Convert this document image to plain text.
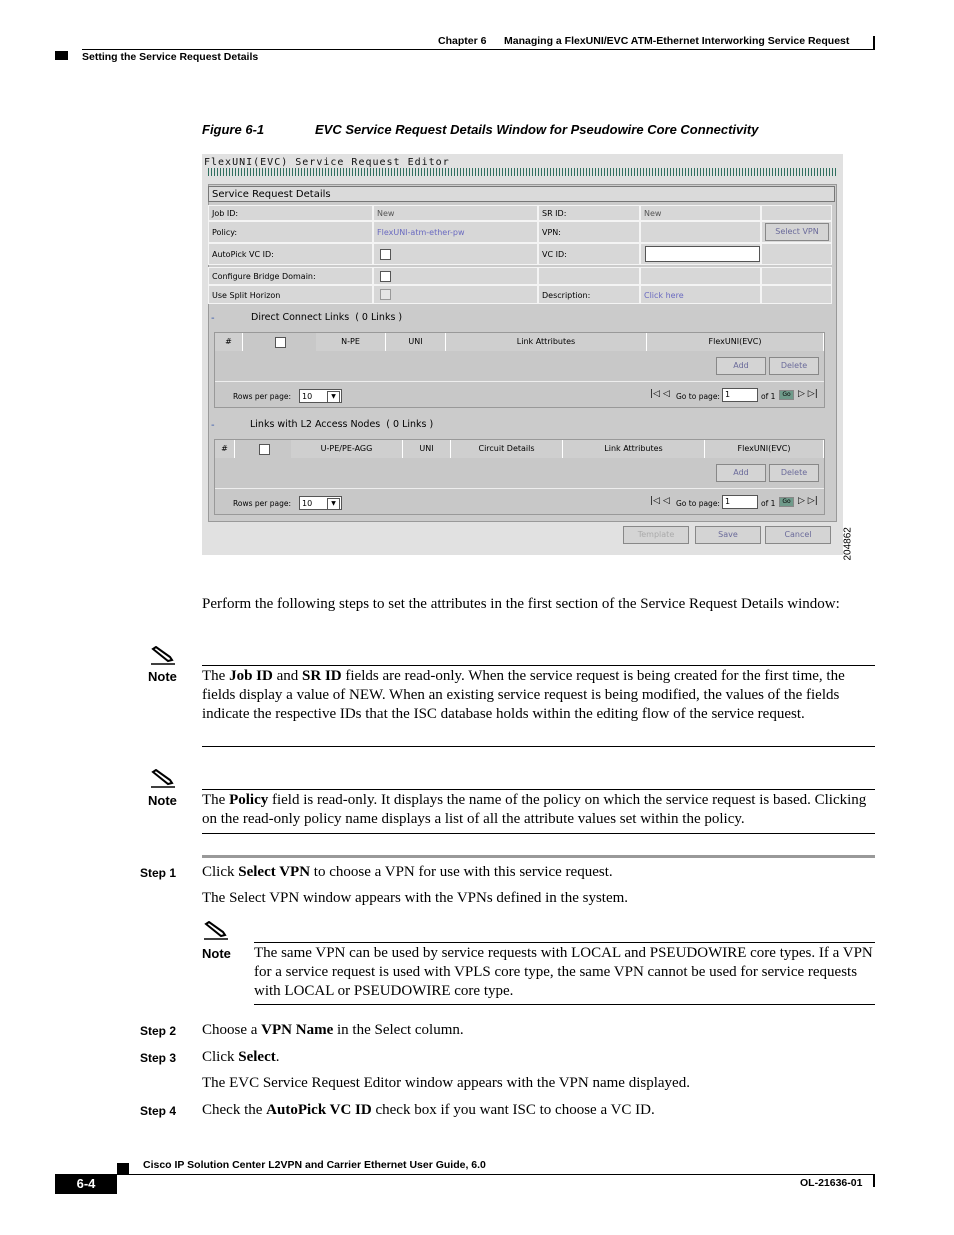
Chapter 6 Managing a FlexUNI/EVC ATM-Ethernet Interworking Service Request
Setting the Service Request Details
Figure 6-1	EVC Service Request Details Window for Pseudowire Core Connectivity
FlexUNI(EVC) Service Request Editor
Service Request Details
Job ID:	New	SR ID:	New
Policy:	FlexUNI-atm-ether-pw	VPN:
AutoPick VC ID:	VC ID:
Configure Bridge Domain:
Use Split Horizon	Description:	Click here
Select VPN
-	Direct Connect Links  ( 0 Links )
#	N-PE	UNI	Link Attributes	FlexUNI(EVC)
Add	Delete
Rows per page:	10	▼	|◁ ◁ Go to page: 1	of 1	Go ▷ ▷|
-	Links with L2 Access Nodes  ( 0 Links )
#	U-PE/PE-AGG	UNI	Circuit Details	Link Attributes	FlexUNI(EVC)
Add	Delete
Rows per page:	10	▼	|◁ ◁ Go to page: 1	of 1	Go ▷ ▷|
Template	Save	Cancel	204862
Perform the following steps to set the attributes in the first section of the Service Request Details window:
Note The Job ID and SR ID fields are read-only. When the service request is being created for the first time, the fields display a value of NEW. When an existing service request is being modified, the values of the fields indicate the respective IDs that the ISC database holds within the editing flow of the service request.
Note The Policy field is read-only. It displays the name of the policy on which the service request is based. Clicking on the read-only policy name displays a list of all the attribute values set within the policy.
Step 1 Click Select VPN to choose a VPN for use with this service request.
The Select VPN window appears with the VPNs defined in the system.
Note The same VPN can be used by service requests with LOCAL and PSEUDOWIRE core types. If a VPN for a service request is used with VPLS core type, the same VPN cannot be used for service requests with LOCAL or PSEUDOWIRE core type.
Step 2 Choose a VPN Name in the Select column.
Step 3 Click Select.
The EVC Service Request Editor window appears with the VPN name displayed.
Step 4 Check the AutoPick VC ID check box if you want ISC to choose a VC ID.
Cisco IP Solution Center L2VPN and Carrier Ethernet User Guide, 6.0
6-4	OL-21636-01
